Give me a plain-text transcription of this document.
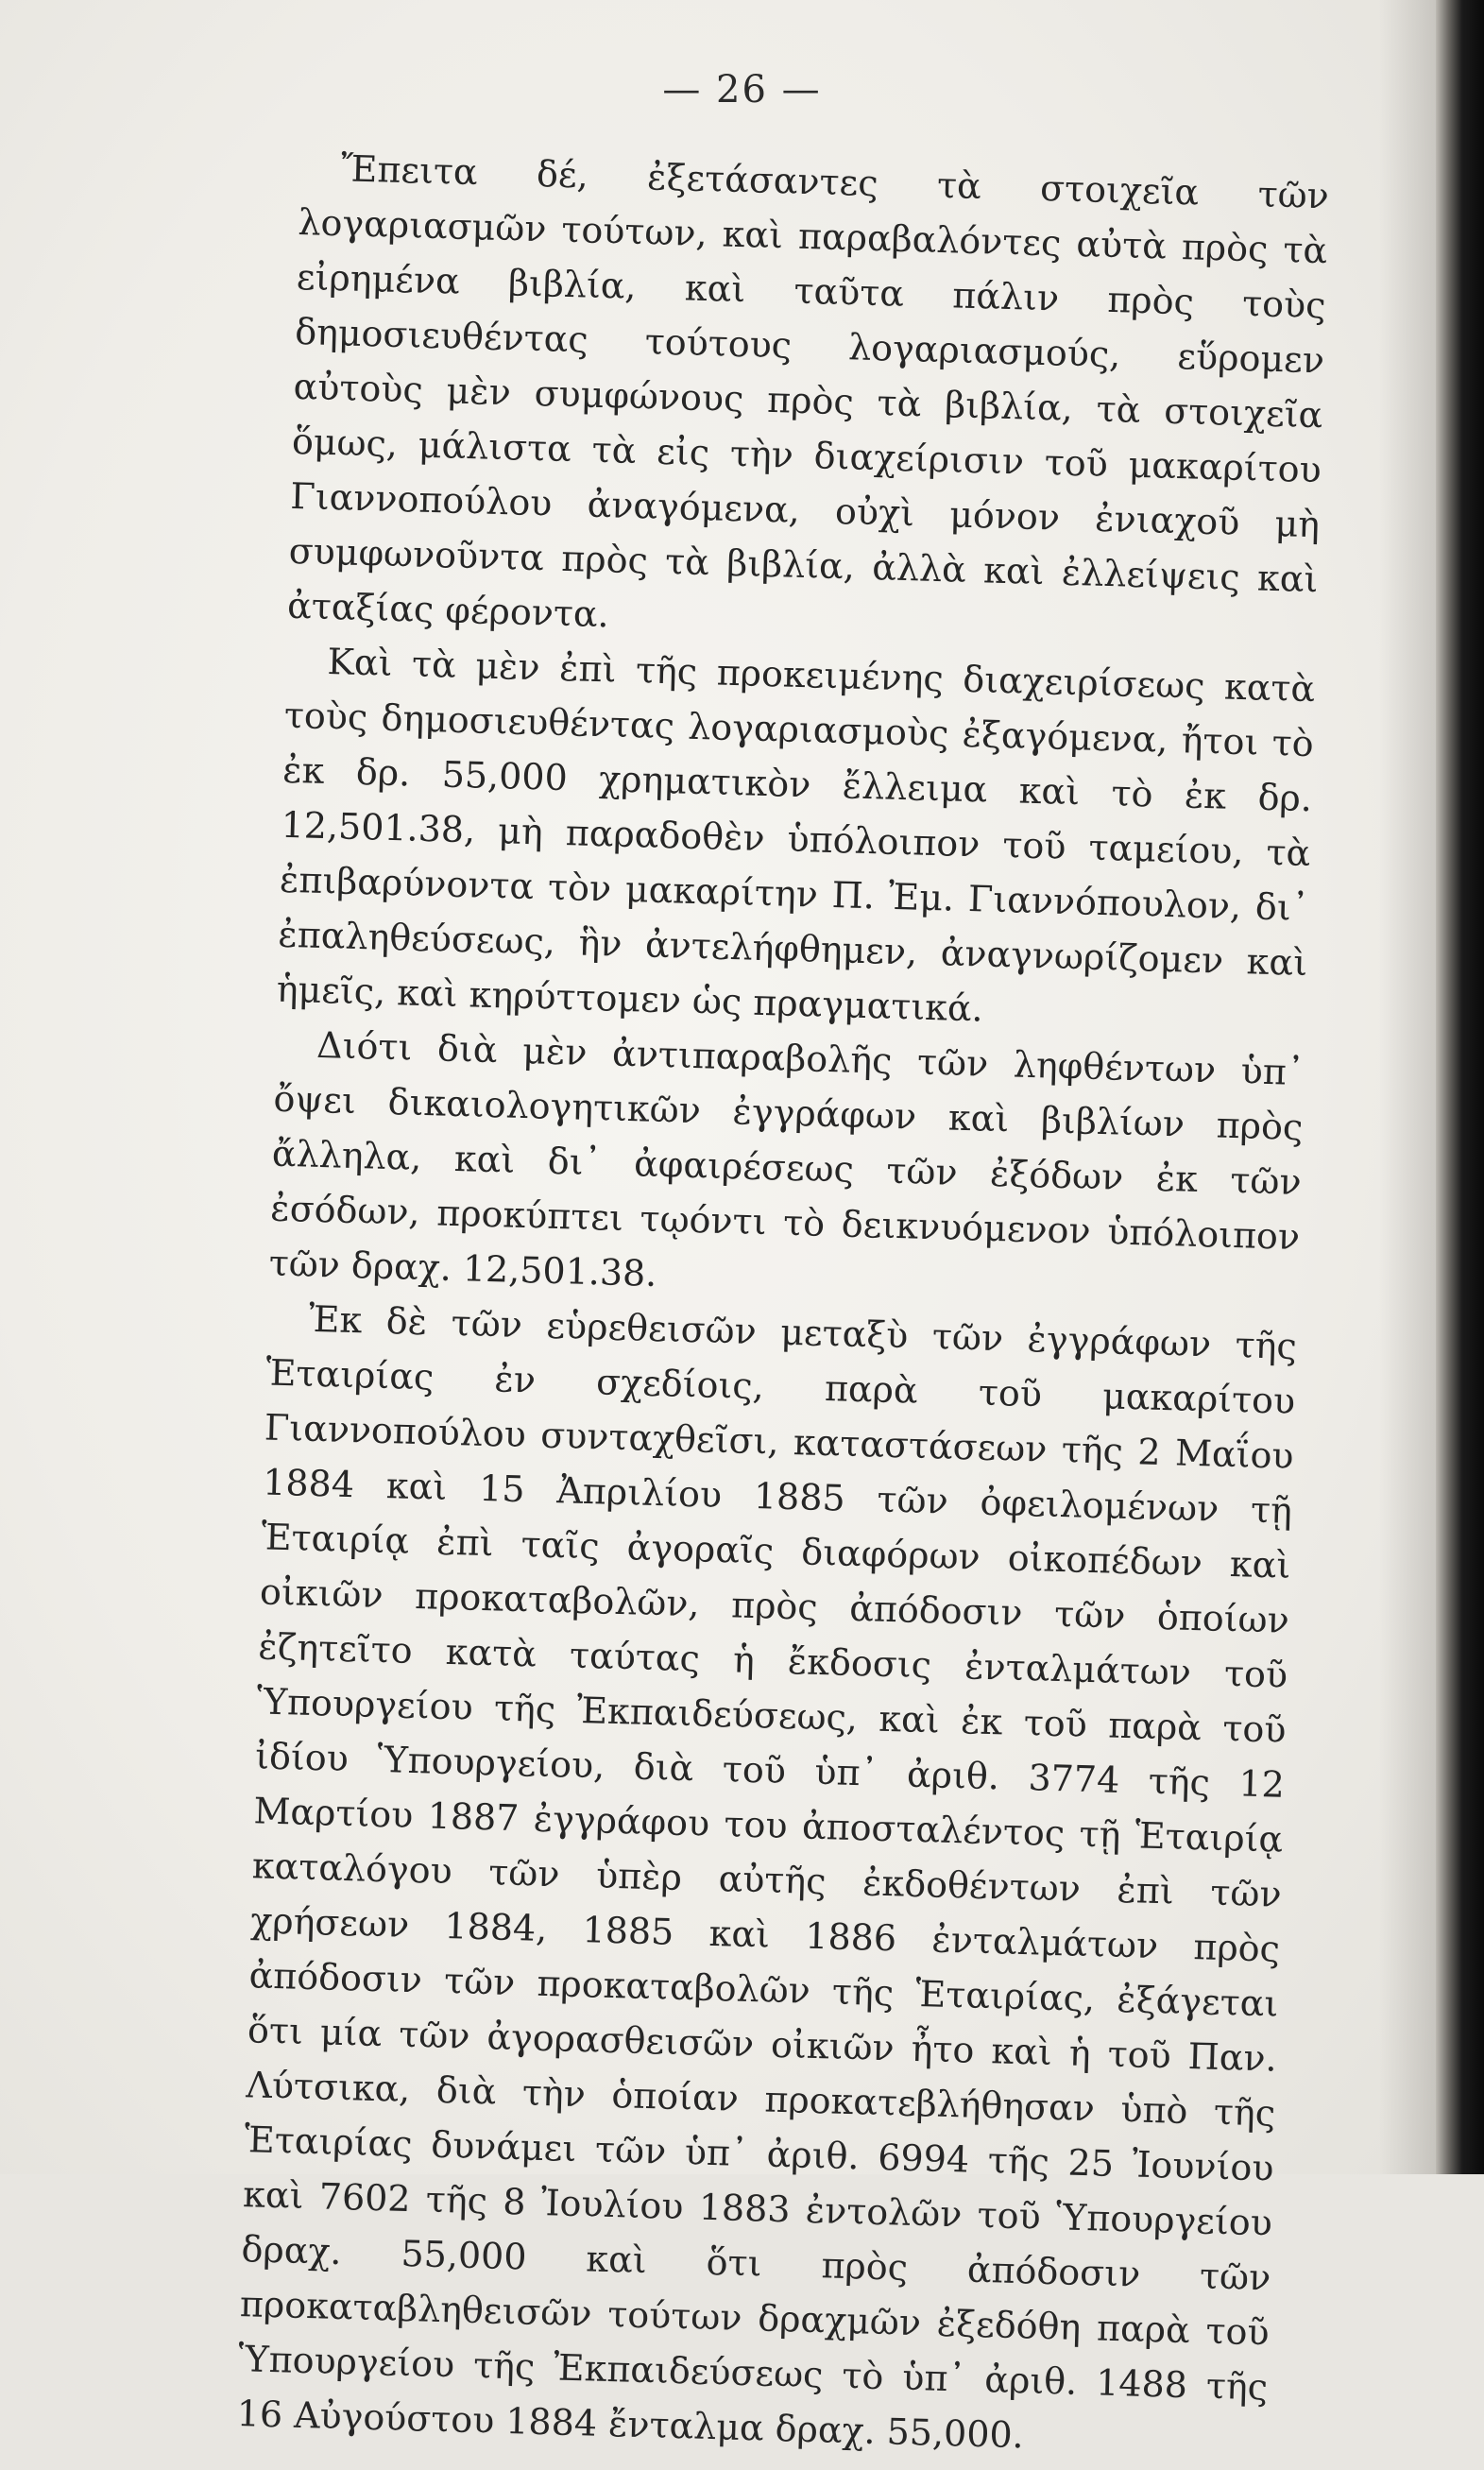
— 26 —

Ἔπειτα δέ, ἐξετάσαντες τὰ στοιχεῖα τῶν λογαριασμῶν τούτων, καὶ παραβαλόντες αὐτὰ πρὸς τὰ εἰρημένα βιβλία, καὶ ταῦτα πάλιν πρὸς τοὺς δημοσιευθέντας τούτους λογαριασμούς, εὕρομεν αὐτοὺς μὲν συμφώνους πρὸς τὰ βιβλία, τὰ στοιχεῖα ὅμως, μάλιστα τὰ εἰς τὴν διαχείρισιν τοῦ μακαρίτου Γιαννοπούλου ἀναγόμενα, οὐχὶ μόνον ἐνιαχοῦ μὴ συμφωνοῦντα πρὸς τὰ βιβλία, ἀλλὰ καὶ ἐλλείψεις καὶ ἀταξίας φέροντα.

Καὶ τὰ μὲν ἐπὶ τῆς προκειμένης διαχειρίσεως κατὰ τοὺς δημοσιευθέντας λογαριασμοὺς ἐξαγόμενα, ἤτοι τὸ ἐκ δρ. 55,000 χρηματικὸν ἔλλειμα καὶ τὸ ἐκ δρ. 12,501.38, μὴ παραδοθὲν ὑπόλοιπον τοῦ ταμείου, τὰ ἐπιβαρύνοντα τὸν μακαρίτην Π. Ἐμ. Γιαννόπουλον, δι᾽ ἐπαληθεύσεως, ἣν ἀντελήφθημεν, ἀναγνωρίζομεν καὶ ἡμεῖς, καὶ κηρύττομεν ὡς πραγματικά.

Διότι διὰ μὲν ἀντιπαραβολῆς τῶν ληφθέντων ὑπ᾽ ὄψει δικαιολογητικῶν ἐγγράφων καὶ βιβλίων πρὸς ἄλληλα, καὶ δι᾽ ἀφαιρέσεως τῶν ἐξόδων ἐκ τῶν ἐσόδων, προκύπτει τῳόντι τὸ δεικνυόμενον ὑπόλοιπον τῶν δραχ. 12,501.38.

Ἐκ δὲ τῶν εὑρεθεισῶν μεταξὺ τῶν ἐγγράφων τῆς Ἑταιρίας ἐν σχεδίοις, παρὰ τοῦ μακαρίτου Γιαννοπούλου συνταχθεῖσι, καταστάσεων τῆς 2 Μαΐου 1884 καὶ 15 Ἀπριλίου 1885 τῶν ὀφειλομένων τῇ Ἑταιρίᾳ ἐπὶ ταῖς ἀγοραῖς διαφόρων οἰκοπέδων καὶ οἰκιῶν προκαταβολῶν, πρὸς ἀπόδοσιν τῶν ὁποίων ἐζητεῖτο κατὰ ταύτας ἡ ἔκδοσις ἐνταλμάτων τοῦ Ὑπουργείου τῆς Ἐκπαιδεύσεως, καὶ ἐκ τοῦ παρὰ τοῦ ἰδίου Ὑπουργείου, διὰ τοῦ ὑπ᾽ ἀριθ. 3774 τῆς 12 Μαρτίου 1887 ἐγγράφου του ἀποσταλέντος τῇ Ἑταιρίᾳ καταλόγου τῶν ὑπὲρ αὐτῆς ἐκδοθέντων ἐπὶ τῶν χρήσεων 1884, 1885 καὶ 1886 ἐνταλμάτων πρὸς ἀπόδοσιν τῶν προκαταβολῶν τῆς Ἑταιρίας, ἐξάγεται ὅτι μία τῶν ἀγορασθεισῶν οἰκιῶν ἦτο καὶ ἡ τοῦ Παν. Λύτσικα, διὰ τὴν ὁποίαν προκατεβλήθησαν ὑπὸ τῆς Ἑταιρίας δυνάμει τῶν ὑπ᾽ ἀριθ. 6994 τῆς 25 Ἰουνίου καὶ 7602 τῆς 8 Ἰουλίου 1883 ἐντολῶν τοῦ Ὑπουργείου δραχ. 55,000 καὶ ὅτι πρὸς ἀπόδοσιν τῶν προκαταβληθεισῶν τούτων δραχμῶν ἐξεδόθη παρὰ τοῦ Ὑπουργείου τῆς Ἐκπαιδεύσεως τὸ ὑπ᾽ ἀριθ. 1488 τῆς 16 Αὐγούστου 1884 ἔνταλμα δραχ. 55,000.
